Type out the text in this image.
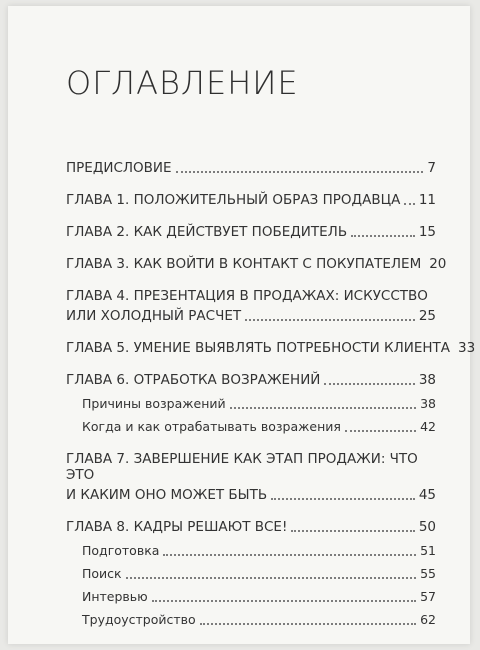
ОГЛАВЛЕНИЕ
ПРЕДИСЛОВИЕ	7
ГЛАВА 1. ПОЛОЖИТЕЛЬНЫЙ ОБРАЗ ПРОДАВЦА 11
ГЛАВА 2. КАК ДЕЙСТВУЕТ ПОБЕДИТЕЛЬ	15
ГЛАВА 3. КАК ВОЙТИ В КОНТАКТ С ПОКУПАТЕЛЕМ 20
ГЛАВА 4. ПРЕЗЕНТАЦИЯ В ПРОДАЖАХ: ИСКУССТВО
ИЛИ ХОЛОДНЫЙ РАСЧЕТ	25
ГЛАВА 5. УМЕНИЕ ВЫЯВЛЯТЬ ПОТРЕБНОСТИ КЛИЕНТА 33
ГЛАВА 6. ОТРАБОТКА ВОЗРАЖЕНИЙ	38
Причины возражений	38
Когда и как отрабатывать возражения	42
ГЛАВА 7. ЗАВЕРШЕНИЕ КАК ЭТАП ПРОДАЖИ: ЧТО ЭТО
И КАКИМ ОНО МОЖЕТ БЫТЬ	45
ГЛАВА 8. КАДРЫ РЕШАЮТ ВСЕ!	50
Подготовка	51
Поиск	55
Интервью	57
Трудоустройство	62
